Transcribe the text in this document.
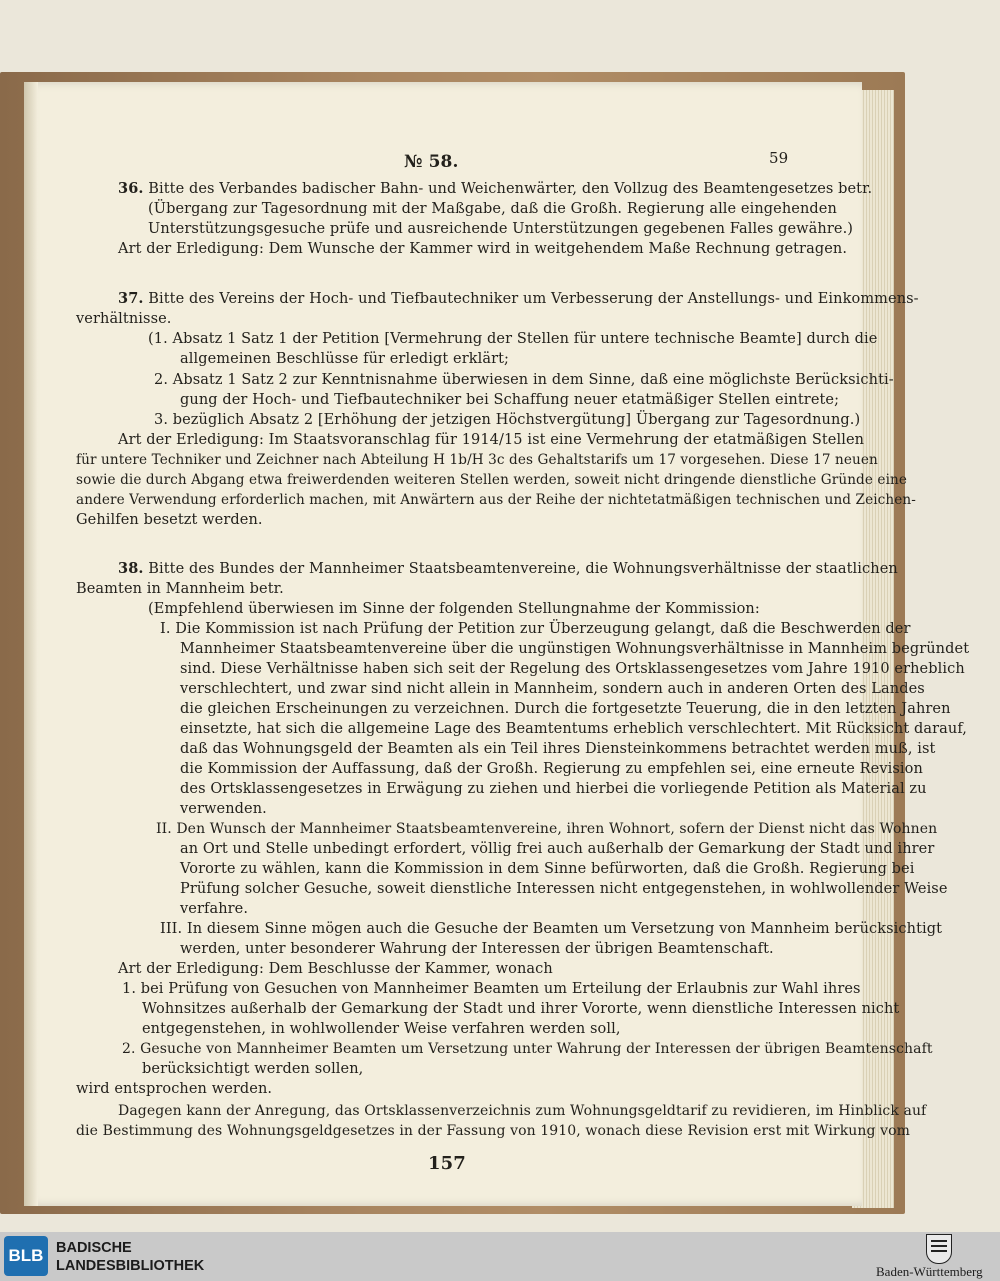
№ 58.	59
36. Bitte des Verbandes badischer Bahn- und Weichenwärter, den Vollzug des Beamtengesetzes betr.
(Übergang zur Tagesordnung mit der Maßgabe, daß die Großh. Regierung alle eingehenden
Unterstützungsgesuche prüfe und ausreichende Unterstützungen gegebenen Falles gewähre.)
Art der Erledigung: Dem Wunsche der Kammer wird in weitgehendem Maße Rechnung getragen.
37. Bitte des Vereins der Hoch- und Tiefbautechniker um Verbesserung der Anstellungs- und Einkommens-
verhältnisse.
(1. Absatz 1 Satz 1 der Petition [Vermehrung der Stellen für untere technische Beamte] durch die
allgemeinen Beschlüsse für erledigt erklärt;
2. Absatz 1 Satz 2 zur Kenntnisnahme überwiesen in dem Sinne, daß eine möglichste Berücksichti-
gung der Hoch- und Tiefbautechniker bei Schaffung neuer etatmäßiger Stellen eintrete;
3. bezüglich Absatz 2 [Erhöhung der jetzigen Höchstvergütung] Übergang zur Tagesordnung.)
Art der Erledigung: Im Staatsvoranschlag für 1914/15 ist eine Vermehrung der etatmäßigen Stellen
für untere Techniker und Zeichner nach Abteilung H 1b/H 3c des Gehaltstarifs um 17 vorgesehen. Diese 17 neuen
sowie die durch Abgang etwa freiwerdenden weiteren Stellen werden, soweit nicht dringende dienstliche Gründe eine
andere Verwendung erforderlich machen, mit Anwärtern aus der Reihe der nichtetatmäßigen technischen und Zeichen-
Gehilfen besetzt werden.
38. Bitte des Bundes der Mannheimer Staatsbeamtenvereine, die Wohnungsverhältnisse der staatlichen
Beamten in Mannheim betr.
(Empfehlend überwiesen im Sinne der folgenden Stellungnahme der Kommission:
I. Die Kommission ist nach Prüfung der Petition zur Überzeugung gelangt, daß die Beschwerden der
Mannheimer Staatsbeamtenvereine über die ungünstigen Wohnungsverhältnisse in Mannheim begründet
sind. Diese Verhältnisse haben sich seit der Regelung des Ortsklassengesetzes vom Jahre 1910 erheblich
verschlechtert, und zwar sind nicht allein in Mannheim, sondern auch in anderen Orten des Landes
die gleichen Erscheinungen zu verzeichnen. Durch die fortgesetzte Teuerung, die in den letzten Jahren
einsetzte, hat sich die allgemeine Lage des Beamtentums erheblich verschlechtert. Mit Rücksicht darauf,
daß das Wohnungsgeld der Beamten als ein Teil ihres Diensteinkommens betrachtet werden muß, ist
die Kommission der Auffassung, daß der Großh. Regierung zu empfehlen sei, eine erneute Revision
des Ortsklassengesetzes in Erwägung zu ziehen und hierbei die vorliegende Petition als Material zu
verwenden.
II. Den Wunsch der Mannheimer Staatsbeamtenvereine, ihren Wohnort, sofern der Dienst nicht das Wohnen
an Ort und Stelle unbedingt erfordert, völlig frei auch außerhalb der Gemarkung der Stadt und ihrer
Vororte zu wählen, kann die Kommission in dem Sinne befürworten, daß die Großh. Regierung bei
Prüfung solcher Gesuche, soweit dienstliche Interessen nicht entgegenstehen, in wohlwollender Weise
verfahre.
III. In diesem Sinne mögen auch die Gesuche der Beamten um Versetzung von Mannheim berücksichtigt
werden, unter besonderer Wahrung der Interessen der übrigen Beamtenschaft.
Art der Erledigung: Dem Beschlusse der Kammer, wonach
1. bei Prüfung von Gesuchen von Mannheimer Beamten um Erteilung der Erlaubnis zur Wahl ihres
Wohnsitzes außerhalb der Gemarkung der Stadt und ihrer Vororte, wenn dienstliche Interessen nicht
entgegenstehen, in wohlwollender Weise verfahren werden soll,
2. Gesuche von Mannheimer Beamten um Versetzung unter Wahrung der Interessen der übrigen Beamtenschaft
berücksichtigt werden sollen,
wird entsprochen werden.
Dagegen kann der Anregung, das Ortsklassenverzeichnis zum Wohnungsgeldtarif zu revidieren, im Hinblick auf
die Bestimmung des Wohnungsgeldgesetzes in der Fassung von 1910, wonach diese Revision erst mit Wirkung vom
157
BLB BADISCHE
LANDESBIBLIOTHEK	Baden-Württemberg
